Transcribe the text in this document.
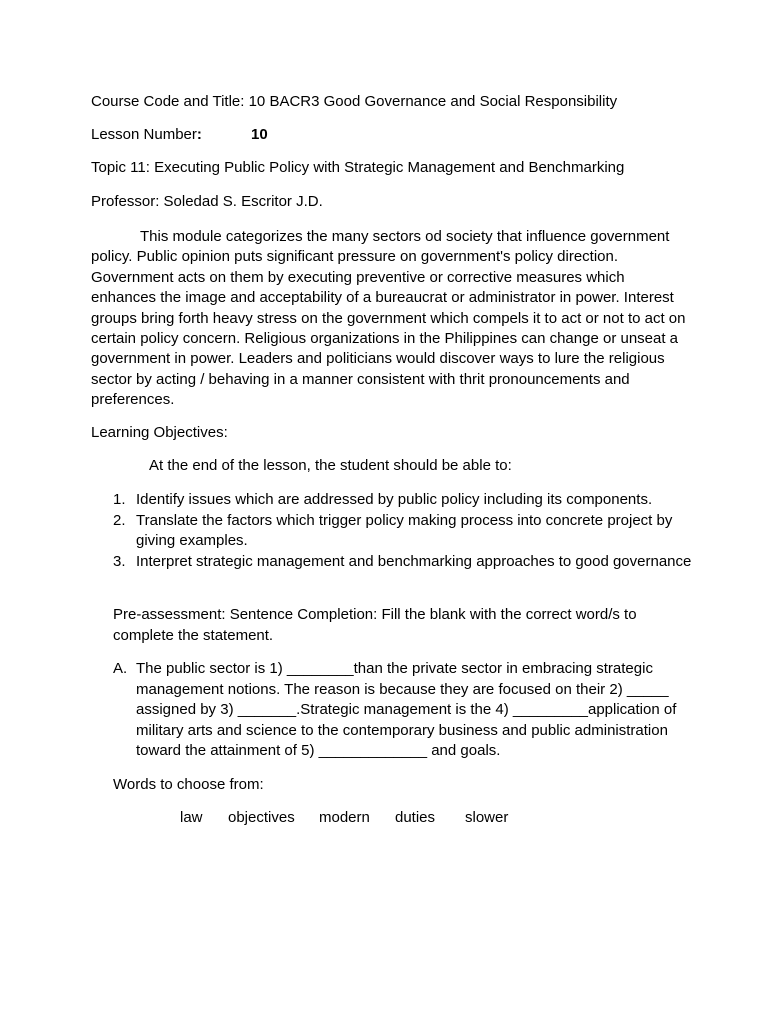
Course Code and Title: 10 BACR3 Good Governance and Social Responsibility
Lesson Number:	10
Topic 11: Executing Public Policy with Strategic Management and Benchmarking
Professor: Soledad S. Escritor J.D.
This module categorizes the many sectors od society that influence government policy. Public opinion puts significant pressure on government's policy direction. Government acts on them by executing preventive or corrective measures which enhances the image and acceptability of a bureaucrat or administrator in power. Interest groups bring forth heavy stress on the government which compels it to act or not to act on certain policy concern. Religious organizations in the Philippines can change or unseat a government in power. Leaders and politicians would discover ways to lure the religious sector by acting / behaving in a manner consistent with thrit pronouncements and preferences.
Learning Objectives:
At the end of the lesson, the student should be able to:
1. Identify issues which are addressed by public policy including its components.
2. Translate the factors which trigger policy making process into concrete project by giving examples.
3. Interpret strategic management and benchmarking approaches to good governance
Pre-assessment: Sentence Completion: Fill the blank with the correct word/s to complete the statement.
A. The public sector is 1) ________than the private sector in embracing strategic management notions. The reason is because they are focused on their 2) _____ assigned by 3) _______.Strategic management is the 4) _________application of military arts and science to the contemporary business and public administration toward the attainment of 5) _____________ and goals.
Words to choose from:
law objectives modern duties slower
